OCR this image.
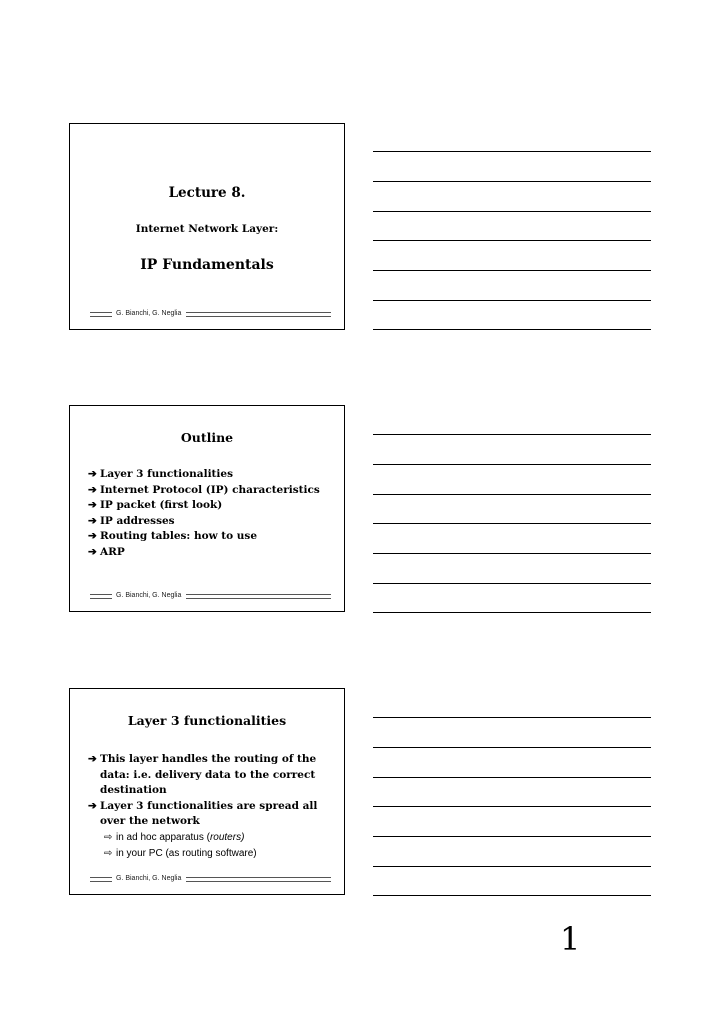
Lecture 8.
Internet Network Layer:
IP Fundamentals
G. Bianchi, G. Neglia
Outline
➔ Layer 3 functionalities
➔ Internet Protocol (IP) characteristics
➔ IP packet (first look)
➔ IP addresses
➔ Routing tables: how to use
➔ ARP
G. Bianchi, G. Neglia
Layer 3 functionalities
➔ This layer handles the routing of the data: i.e. delivery data to the correct destination
➔ Layer 3 functionalities are spread all over the network
⇨ in ad hoc apparatus (routers)
⇨ in your PC (as routing software)
G. Bianchi, G. Neglia
1
